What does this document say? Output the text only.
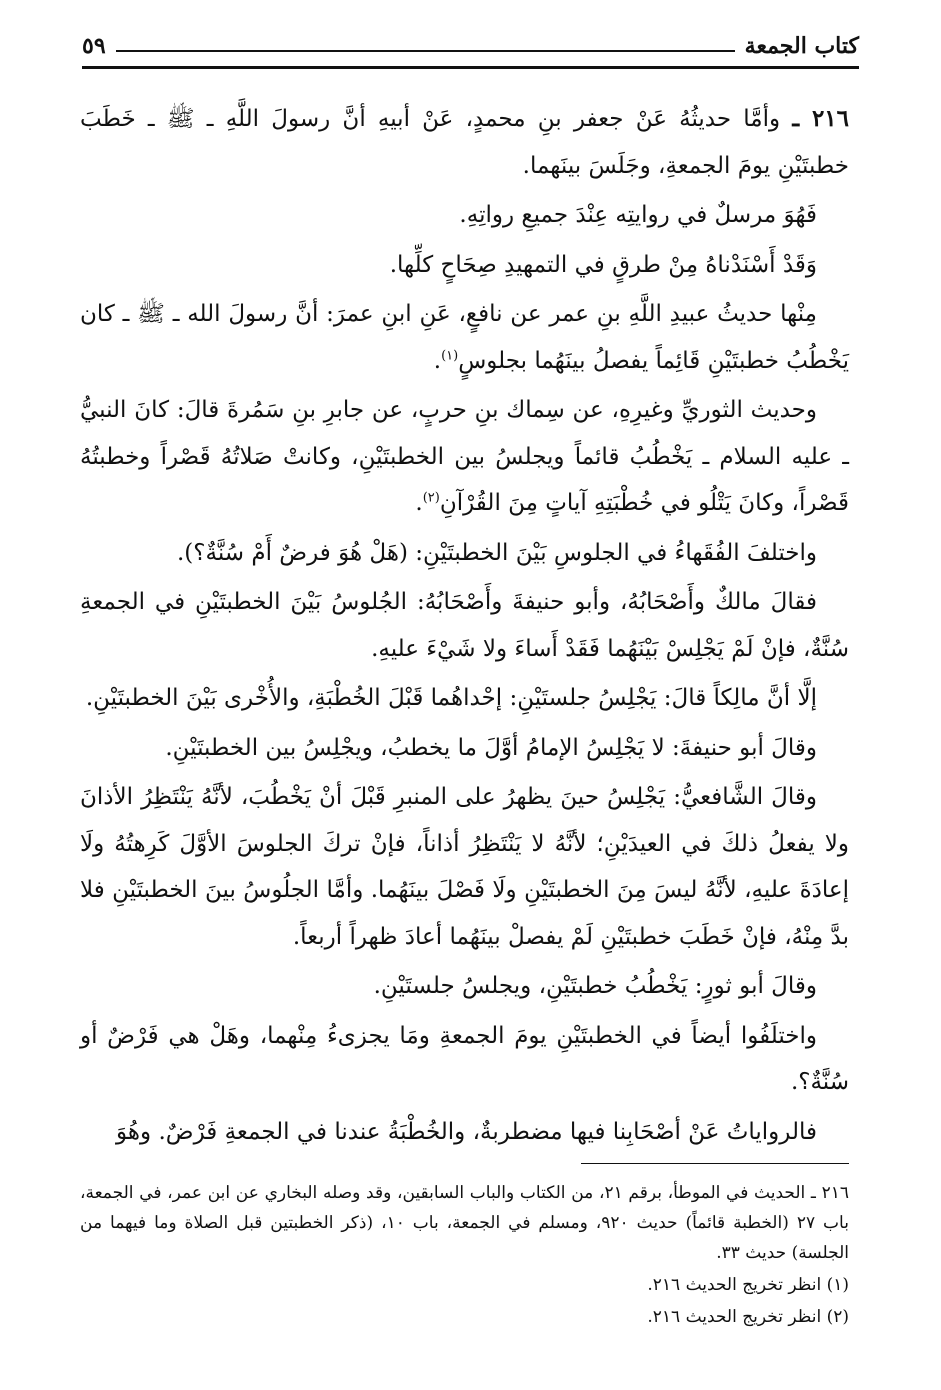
كتاب الجمعة
٥٩

٢١٦ ـ وأمَّا حديثُهُ عَنْ جعفر بنِ محمدٍ، عَنْ أبيهِ أنَّ رسولَ اللَّهِ ـ ﷺ ـ خَطَبَ خطبتَيْنِ يومَ الجمعةِ، وجَلَسَ بينَهما.

فَهُوَ مرسلٌ في روايتِه عِنْدَ جميعِ رواتِهِ.

وَقَدْ أَسْنَدْناهُ مِنْ طرقٍ في التمهيدِ صِحَاحٍ كلِّها.

مِنْها حديثُ عبيدِ اللَّهِ بنِ عمر عن نافعٍ، عَنِ ابنِ عمرَ: أنَّ رسولَ الله ـ ﷺ ـ كان يَخْطُبُ خطبتَيْنِ قَائِماً يفصلُ بينَهُما بجلوسٍ$^{(١)}$.

وحديث الثوريِّ وغيرِهِ، عن سِماك بنِ حربٍ، عن جابرِ بنِ سَمُرةَ قالَ: كانَ النبيُّ ـ عليه السلام ـ يَخْطُبُ قائماً ويجلسُ بين الخطبتَيْنِ، وكانتْ صَلاتُهُ قَصْراً وخطبتُهُ قَصْراً، وكانَ يَتْلُو في خُطْبَتِهِ آياتٍ مِنَ القُرْآنِ$^{(٢)}$.

واختلفَ الفُقَهاءُ في الجلوسِ بَيْنَ الخطبتَيْنِ: (هَلْ هُوَ فرضٌ أَمْ سُنَّةٌ؟).

فقالَ مالكٌ وأَصْحَابُهُ، وأبو حنيفةَ وأَصْحَابُهُ: الجُلوسُ بَيْنَ الخطبتَيْنِ في الجمعةِ سُنَّةٌ، فإنْ لَمْ يَجْلِسْ بَيْنَهُما فَقَدْ أَساءَ ولا شَيْءَ عليهِ.

إلَّا أنَّ مالِكاً قالَ: يَجْلِسُ جلستَيْنِ: إحْداهُما قَبْلَ الخُطْبَةِ، والأُخْرى بَيْنَ الخطبتَيْنِ.

وقالَ أبو حنيفةَ: لا يَجْلِسُ الإمامُ أوَّلَ ما يخطبُ، ويجْلِسُ بين الخطبتَيْنِ.

وقالَ الشَّافعيُّ: يَجْلِسُ حينَ يظهرُ على المنبرِ قَبْلَ أنْ يَخْطُبَ، لأنَّهُ يَنْتَظِرُ الأذانَ ولا يفعلُ ذلكَ في العيدَيْنِ؛ لأنَّهُ لا يَنْتَظِرُ أذاناً، فإنْ تركَ الجلوسَ الأوَّلَ كَرِهتُهُ ولَا إعادَةَ عليهِ، لأنَّهُ ليسَ مِنَ الخطبتَيْنِ ولَا فَصْلَ بينَهُما. وأمَّا الجلُوسُ بينَ الخطبتَيْنِ فلا بدَّ مِنْهُ، فإنْ خَطَبَ خطبتَيْنِ لَمْ يفصلْ بينَهُما أعادَ ظهراً أربعاً.

وقالَ أبو ثورٍ: يَخْطُبُ خطبتَيْنِ، ويجلسُ جلستَيْنِ.

واختلَفُوا أيضاً في الخطبتَيْنِ يومَ الجمعةِ ومَا يجزىءُ مِنْهما، وهَلْ هي فَرْضٌ أو سُنَّةٌ؟.

فالرواياتُ عَنْ أصْحَابِنا فيها مضطربةٌ، والخُطْبَةُ عندنا في الجمعةِ فَرْضٌ. وهُوَ

٢١٦ ـ الحديث في الموطأ، برقم ٢١، من الكتاب والباب السابقين، وقد وصله البخاري عن ابن عمر، في الجمعة، باب ٢٧ (الخطبة قائماً) حديث ٩٢٠، ومسلم في الجمعة، باب ١٠، (ذكر الخطبتين قبل الصلاة وما فيهما من الجلسة) حديث ٣٣.

(١) انظر تخريج الحديث ٢١٦.

(٢) انظر تخريج الحديث ٢١٦.
